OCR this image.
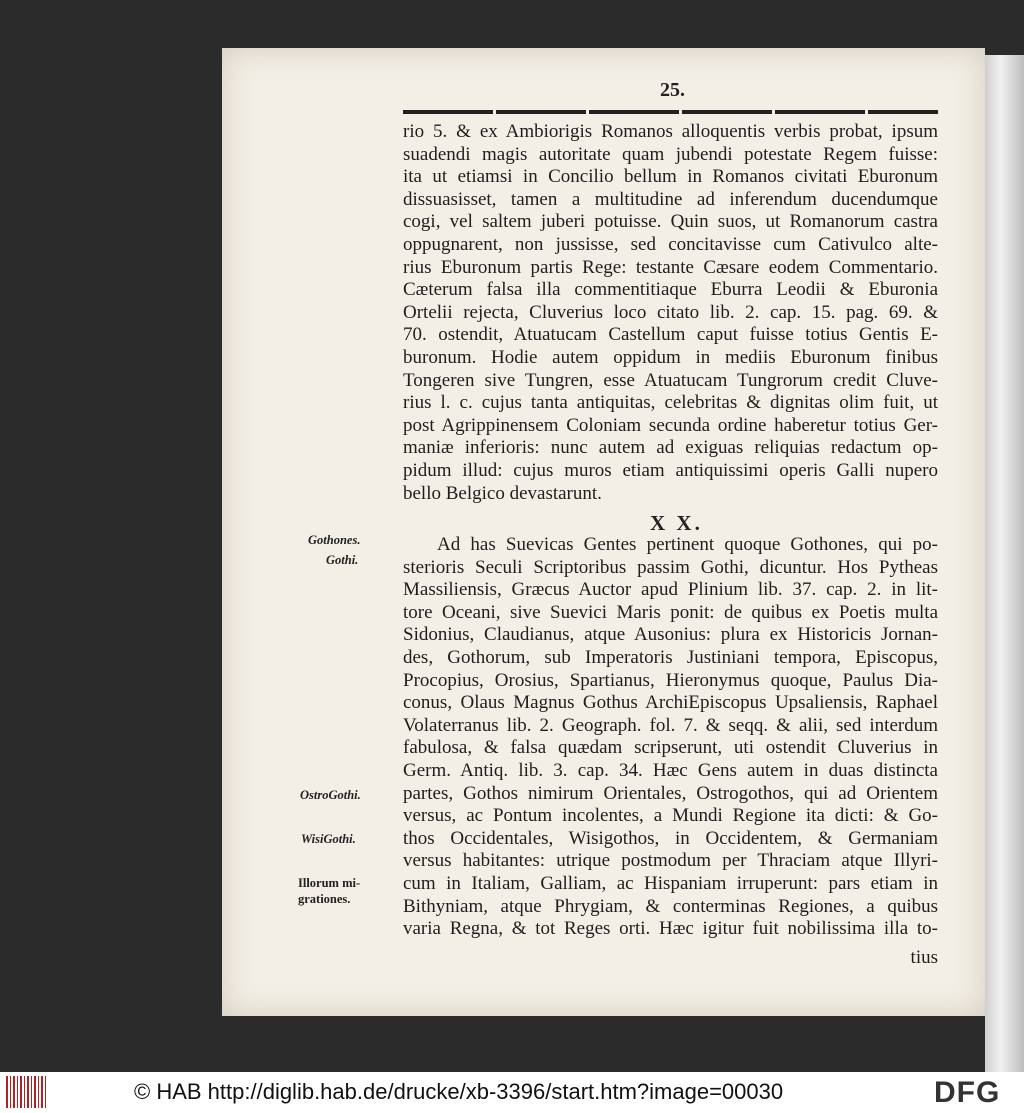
25.
rio 5. & ex Ambiorigis Romanos alloquentis verbis probat, ipsum
suadendi magis autoritate quam jubendi potestate Regem fuisse:
ita ut etiamsi in Concilio bellum in Romanos civitati Eburonum
dissuasisset, tamen a multitudine ad inferendum ducendumque
cogi, vel saltem juberi potuisse. Quin suos, ut Romanorum castra
oppugnarent, non jussisse, sed concitavisse cum Cativulco alte-
rius Eburonum partis Rege: testante Cæsare eodem Commentario.
Cæterum falsa illa commentitiaque Eburra Leodii & Eburonia
Ortelii rejecta, Cluverius loco citato lib. 2. cap. 15. pag. 69. &
70. ostendit, Atuatucam Castellum caput fuisse totius Gentis E-
buronum. Hodie autem oppidum in mediis Eburonum finibus
Tongeren sive Tungren, esse Atuatucam Tungrorum credit Cluve-
rius l. c. cujus tanta antiquitas, celebritas & dignitas olim fuit, ut
post Agrippinensem Coloniam secunda ordine haberetur totius Ger-
maniæ inferioris: nunc autem ad exiguas reliquias redactum op-
pidum illud: cujus muros etiam antiquissimi operis Galli nupero
bello Belgico devastarunt.
X X.
Ad has Suevicas Gentes pertinent quoque Gothones, qui po-
sterioris Seculi Scriptoribus passim Gothi, dicuntur. Hos Pytheas
Massiliensis, Græcus Auctor apud Plinium lib. 37. cap. 2. in lit-
tore Oceani, sive Suevici Maris ponit: de quibus ex Poetis multa
Sidonius, Claudianus, atque Ausonius: plura ex Historicis Jornan-
des, Gothorum, sub Imperatoris Justiniani tempora, Episcopus,
Procopius, Orosius, Spartianus, Hieronymus quoque, Paulus Dia-
conus, Olaus Magnus Gothus ArchiEpiscopus Upsaliensis, Raphael
Volaterranus lib. 2. Geograph. fol. 7. & seqq. & alii, sed interdum
fabulosa, & falsa quædam scripserunt, uti ostendit Cluverius in
Germ. Antiq. lib. 3. cap. 34. Hæc Gens autem in duas distincta
partes, Gothos nimirum Orientales, Ostrogothos, qui ad Orientem
versus, ac Pontum incolentes, a Mundi Regione ita dicti: & Go-
thos Occidentales, Wisigothos, in Occidentem, & Germaniam
versus habitantes: utrique postmodum per Thraciam atque Illyri-
cum in Italiam, Galliam, ac Hispaniam irruperunt: pars etiam in
Bithyniam, atque Phrygiam, & conterminas Regiones, a quibus
varia Regna, & tot Reges orti. Hæc igitur fuit nobilissima illa to-
tius
Gothones.
Gothi.
OstroGothi.
WisiGothi.
Illorum mi-
grationes.
© HAB http://diglib.hab.de/drucke/xb-3396/start.htm?image=00030	DFG
